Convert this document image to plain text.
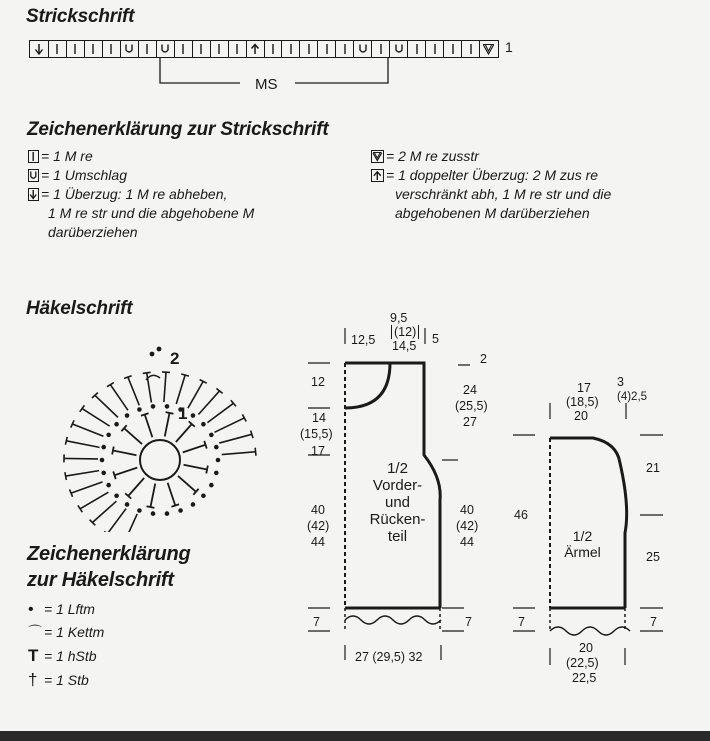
Strickschrift
1
MS
Zeichenerklärung zur Strickschrift
= 1 M re
= 1 Umschlag
= 1 Überzug: 1 M re abheben,
1 M re str und die abgehobene M
darüberziehen
= 2 M re zusstr
= 1 doppelter Überzug: 2 M zus re
verschränkt abh, 1 M re str und die
abgehobenen M darüberziehen
Häkelschrift
2
1
Zeichenerklärung
zur Häkelschrift
• = 1 Lftm
⌒ = 1 Kettm
T = 1 hStb
† = 1 Stb
12,5
9,5
(12)
14,5 5
12
14
(15,5)
17
40
(42)
44
7
2
24
(25,5)
27
40
(42)
44
7
27 (29,5) 32
1/2
Vorder-
und
Rücken-
teil
17
(18,5)
20
3
(4)2,5
46
7
21
25
7
20
(22,5)
22,5
1/2
Ärmel
